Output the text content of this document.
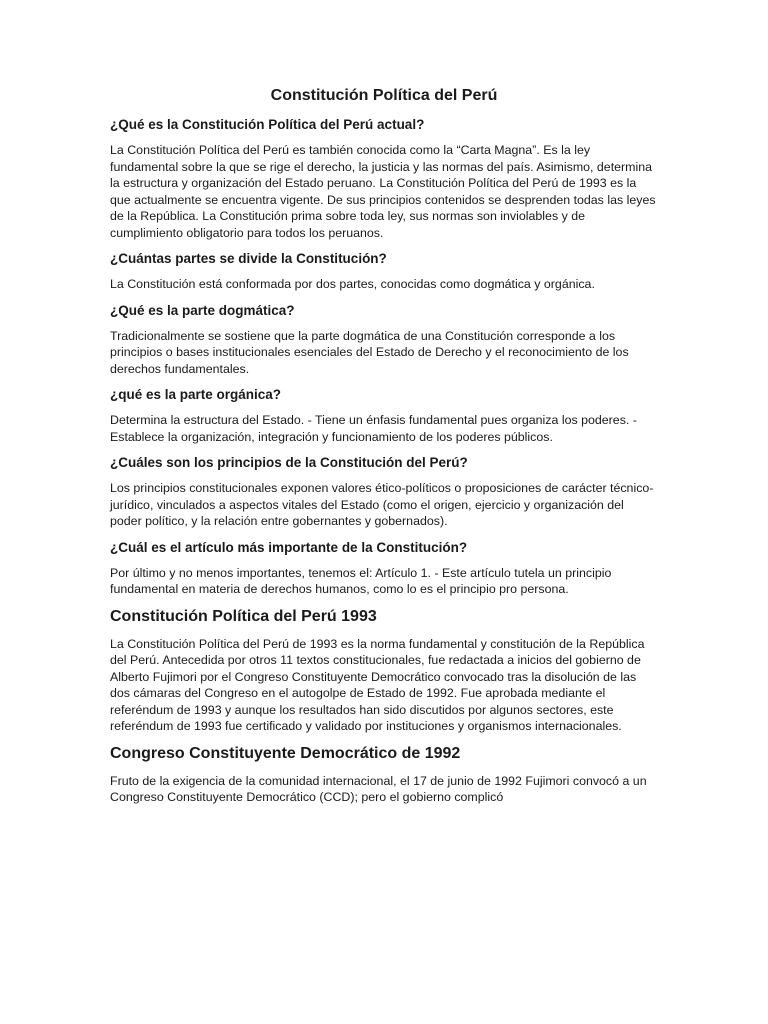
Constitución Política del Perú
¿Qué es la Constitución Política del Perú actual?
La Constitución Política del Perú es también conocida como la “Carta Magna”. Es la ley fundamental sobre la que se rige el derecho, la justicia y las normas del país. Asimismo, determina la estructura y organización del Estado peruano. La Constitución Política del Perú de 1993 es la que actualmente se encuentra vigente. De sus principios contenidos se desprenden todas las leyes de la República. La Constitución prima sobre toda ley, sus normas son inviolables y de cumplimiento obligatorio para todos los peruanos.
¿Cuántas partes se divide la Constitución?
La Constitución está conformada por dos partes, conocidas como dogmática y orgánica.
¿Qué es la parte dogmática?
Tradicionalmente se sostiene que la parte dogmática de una Constitución corresponde a los principios o bases institucionales esenciales del Estado de Derecho y el reconocimiento de los derechos fundamentales.
¿qué es la parte orgánica?
Determina la estructura del Estado. - Tiene un énfasis fundamental pues organiza los poderes. - Establece la organización, integración y funcionamiento de los poderes públicos.
¿Cuáles son los principios de la Constitución del Perú?
Los principios constitucionales exponen valores ético-políticos o proposiciones de carácter técnico- jurídico, vinculados a aspectos vitales del Estado (como el origen, ejercicio y organización del poder político, y la relación entre gobernantes y gobernados).
¿Cuál es el artículo más importante de la Constitución?
Por último y no menos importantes, tenemos el: Artículo 1. - Este artículo tutela un principio fundamental en materia de derechos humanos, como lo es el principio pro persona.
Constitución Política del Perú 1993
La Constitución Política del Perú de 1993 es la norma fundamental y constitución de la República del Perú. Antecedida por otros 11 textos constitucionales, fue redactada a inicios del gobierno de Alberto Fujimori por el Congreso Constituyente Democrático convocado tras la disolución de las dos cámaras del Congreso en el autogolpe de Estado de 1992. Fue aprobada mediante el referéndum de 1993 y aunque los resultados han sido discutidos por algunos sectores, este referéndum de 1993 fue certificado y validado por instituciones y organismos internacionales.
Congreso Constituyente Democrático de 1992
Fruto de la exigencia de la comunidad internacional, el 17 de junio de 1992 Fujimori convocó a un Congreso Constituyente Democrático (CCD); pero el gobierno complicó
